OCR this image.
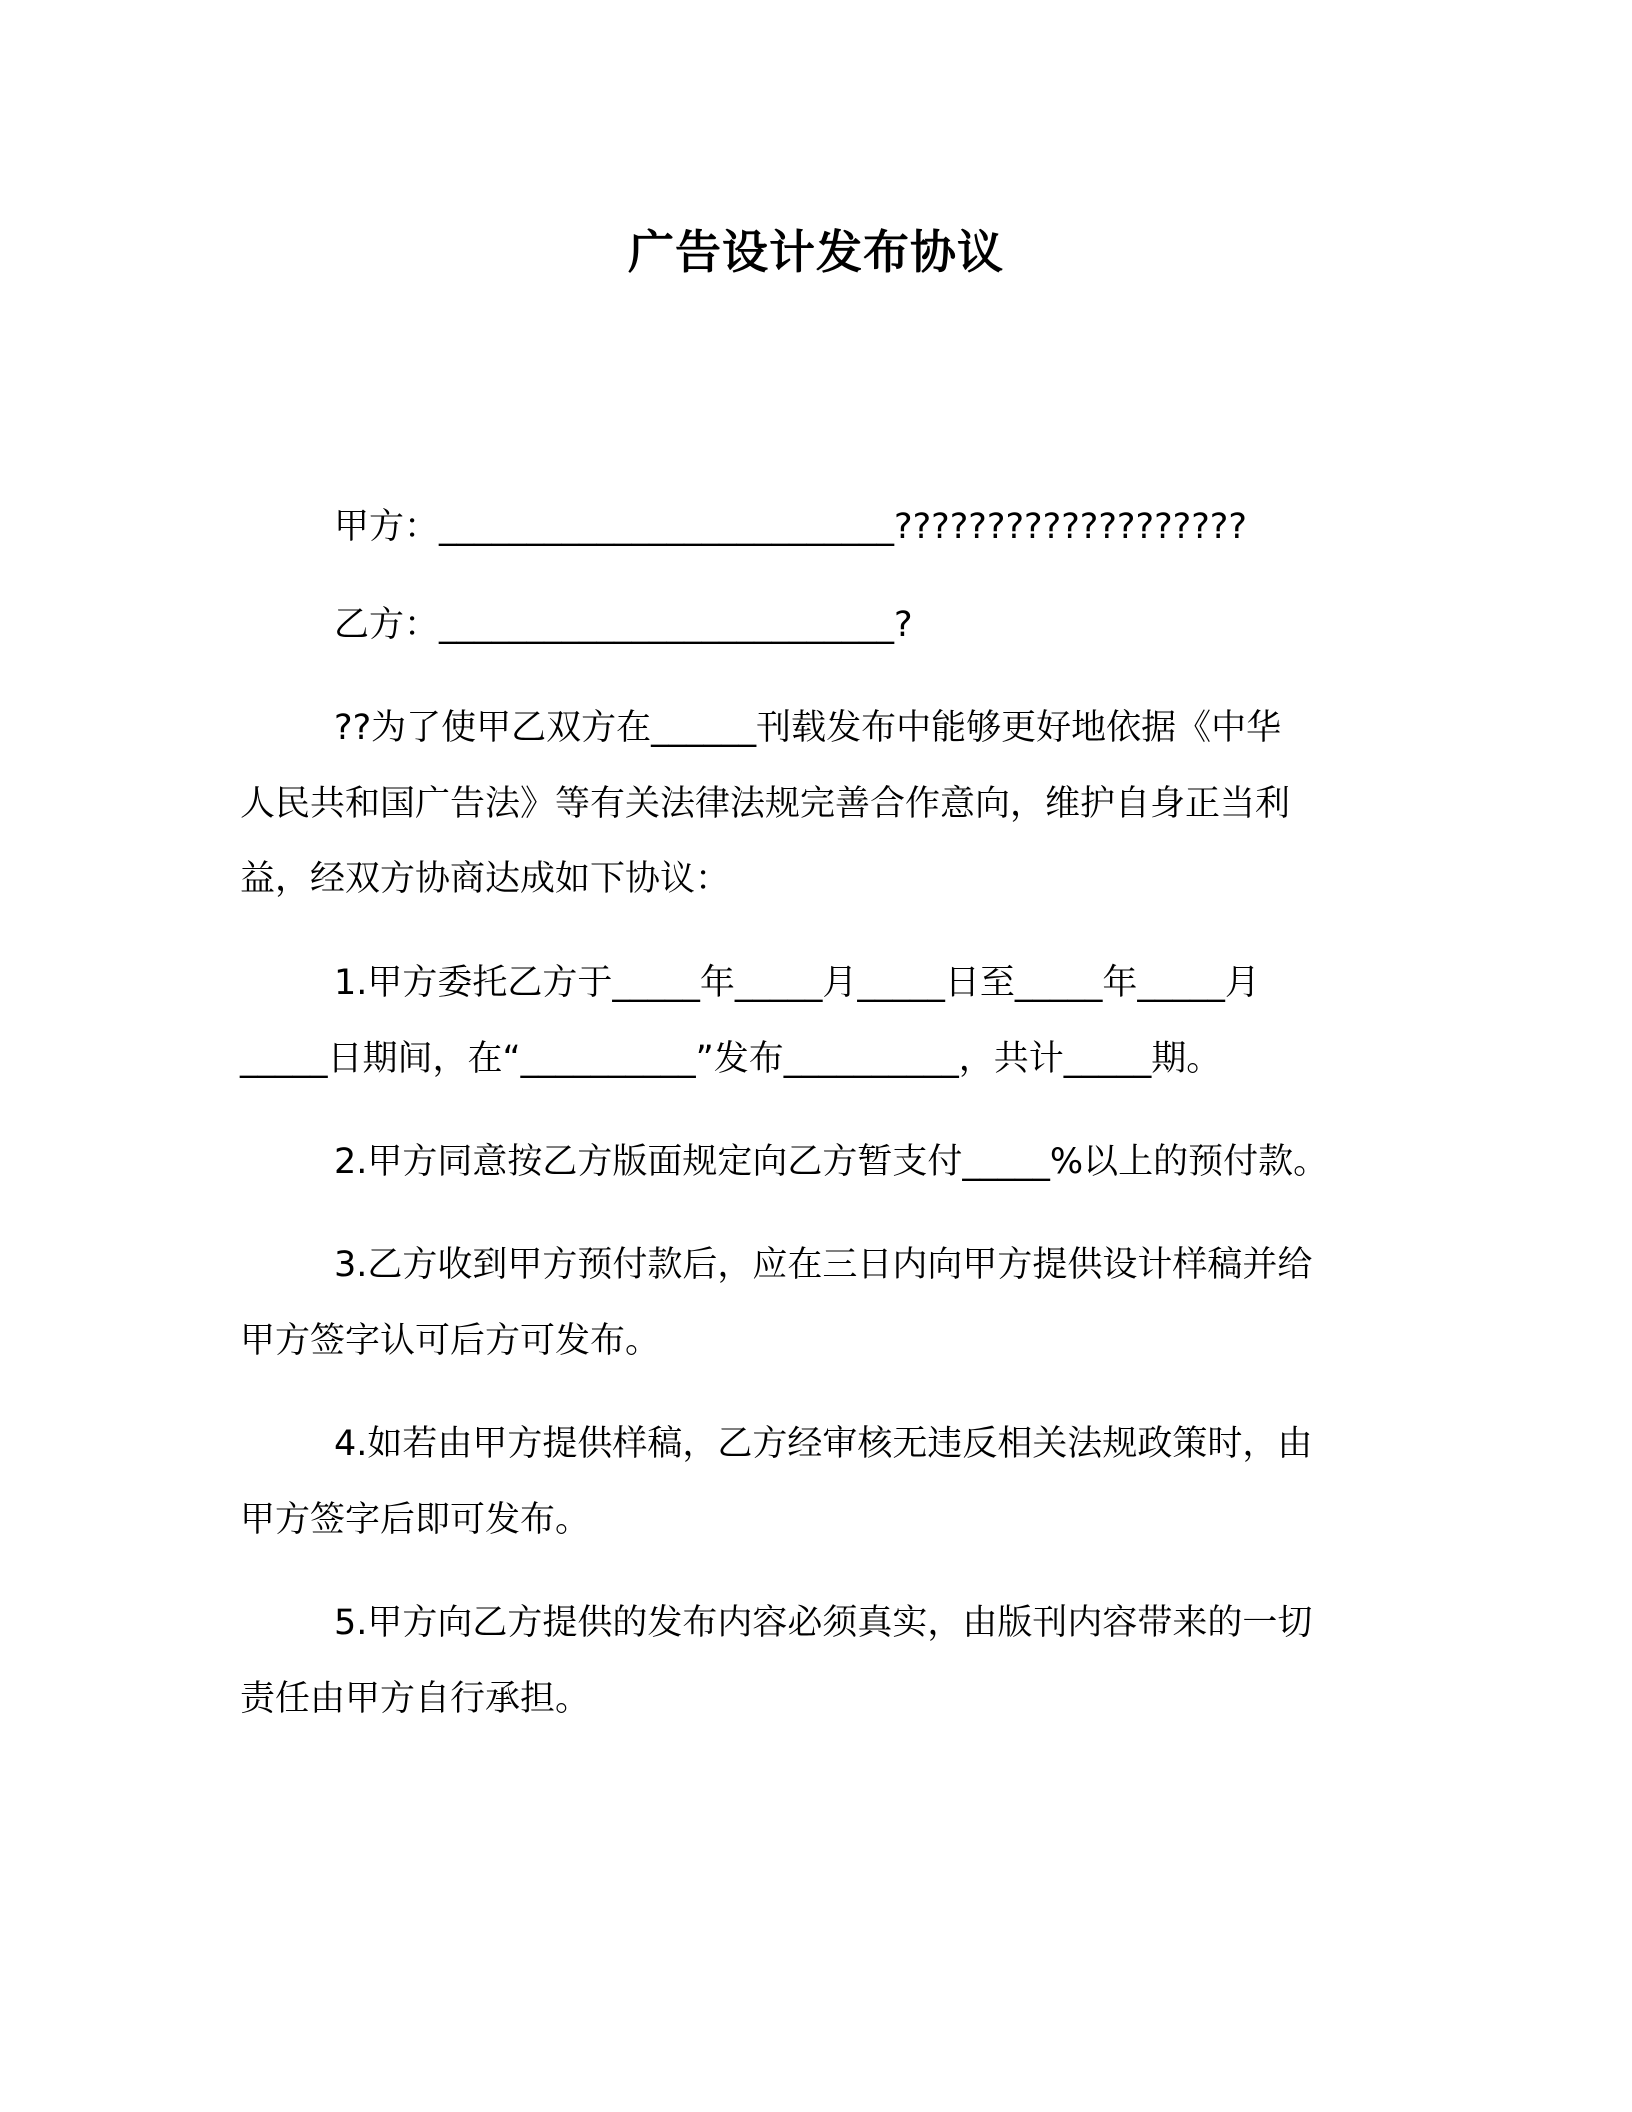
广告设计发布协议
甲方：__________________________???????????????????
乙方：__________________________?
??为了使甲乙双方在______刊载发布中能够更好地依据《中华
人民共和国广告法》等有关法律法规完善合作意向，维护自身正当利
益，经双方协商达成如下协议：
1.甲方委托乙方于_____年_____月_____日至_____年_____月
_____日期间，在“__________”发布__________，共计_____期。
2.甲方同意按乙方版面规定向乙方暂支付_____%以上的预付款。
3.乙方收到甲方预付款后，应在三日内向甲方提供设计样稿并给
甲方签字认可后方可发布。
4.如若由甲方提供样稿，乙方经审核无违反相关法规政策时，由
甲方签字后即可发布。
5.甲方向乙方提供的发布内容必须真实，由版刊内容带来的一切
责任由甲方自行承担。
